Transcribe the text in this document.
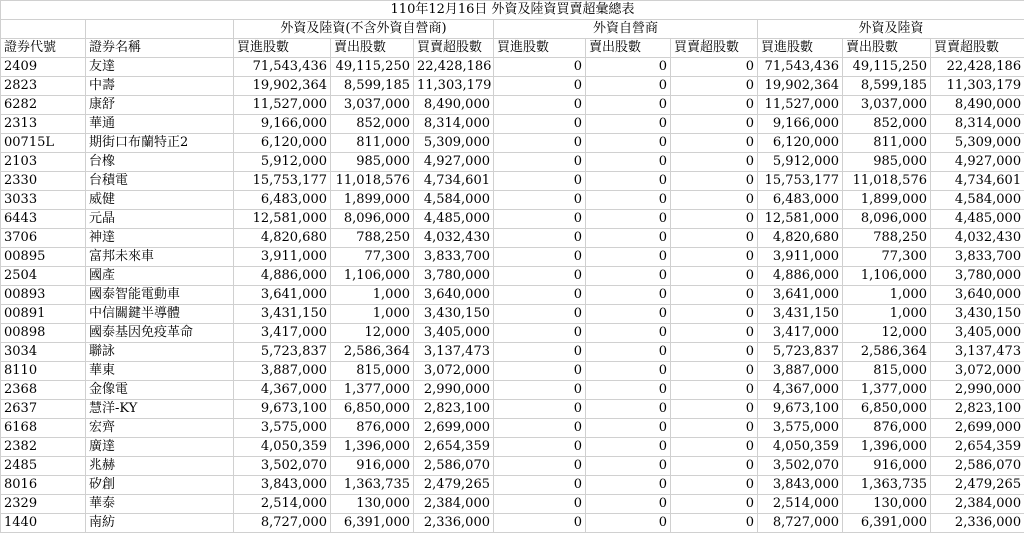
110年12月16日 外資及陸資買賣超彙總表										
		外資及陸資(不含外資自營商)			外資自營商			外資及陸資		
證券代號	證券名稱	買進股數	賣出股數	買賣超股數	買進股數	賣出股數	買賣超股數	買進股數	賣出股數	買賣超股數
2409	友達	71,543,436	49,115,250	22,428,186	0	0	0	71,543,436	49,115,250	22,428,186
2823	中壽	19,902,364	8,599,185	11,303,179	0	0	0	19,902,364	8,599,185	11,303,179
6282	康舒	11,527,000	3,037,000	8,490,000	0	0	0	11,527,000	3,037,000	8,490,000
2313	華通	9,166,000	852,000	8,314,000	0	0	0	9,166,000	852,000	8,314,000
00715L	期街口布蘭特正2	6,120,000	811,000	5,309,000	0	0	0	6,120,000	811,000	5,309,000
2103	台橡	5,912,000	985,000	4,927,000	0	0	0	5,912,000	985,000	4,927,000
2330	台積電	15,753,177	11,018,576	4,734,601	0	0	0	15,753,177	11,018,576	4,734,601
3033	威健	6,483,000	1,899,000	4,584,000	0	0	0	6,483,000	1,899,000	4,584,000
6443	元晶	12,581,000	8,096,000	4,485,000	0	0	0	12,581,000	8,096,000	4,485,000
3706	神達	4,820,680	788,250	4,032,430	0	0	0	4,820,680	788,250	4,032,430
00895	富邦未來車	3,911,000	77,300	3,833,700	0	0	0	3,911,000	77,300	3,833,700
2504	國產	4,886,000	1,106,000	3,780,000	0	0	0	4,886,000	1,106,000	3,780,000
00893	國泰智能電動車	3,641,000	1,000	3,640,000	0	0	0	3,641,000	1,000	3,640,000
00891	中信關鍵半導體	3,431,150	1,000	3,430,150	0	0	0	3,431,150	1,000	3,430,150
00898	國泰基因免疫革命	3,417,000	12,000	3,405,000	0	0	0	3,417,000	12,000	3,405,000
3034	聯詠	5,723,837	2,586,364	3,137,473	0	0	0	5,723,837	2,586,364	3,137,473
8110	華東	3,887,000	815,000	3,072,000	0	0	0	3,887,000	815,000	3,072,000
2368	金像電	4,367,000	1,377,000	2,990,000	0	0	0	4,367,000	1,377,000	2,990,000
2637	慧洋-KY	9,673,100	6,850,000	2,823,100	0	0	0	9,673,100	6,850,000	2,823,100
6168	宏齊	3,575,000	876,000	2,699,000	0	0	0	3,575,000	876,000	2,699,000
2382	廣達	4,050,359	1,396,000	2,654,359	0	0	0	4,050,359	1,396,000	2,654,359
2485	兆赫	3,502,070	916,000	2,586,070	0	0	0	3,502,070	916,000	2,586,070
8016	矽創	3,843,000	1,363,735	2,479,265	0	0	0	3,843,000	1,363,735	2,479,265
2329	華泰	2,514,000	130,000	2,384,000	0	0	0	2,514,000	130,000	2,384,000
1440	南紡	8,727,000	6,391,000	2,336,000	0	0	0	8,727,000	6,391,000	2,336,000
